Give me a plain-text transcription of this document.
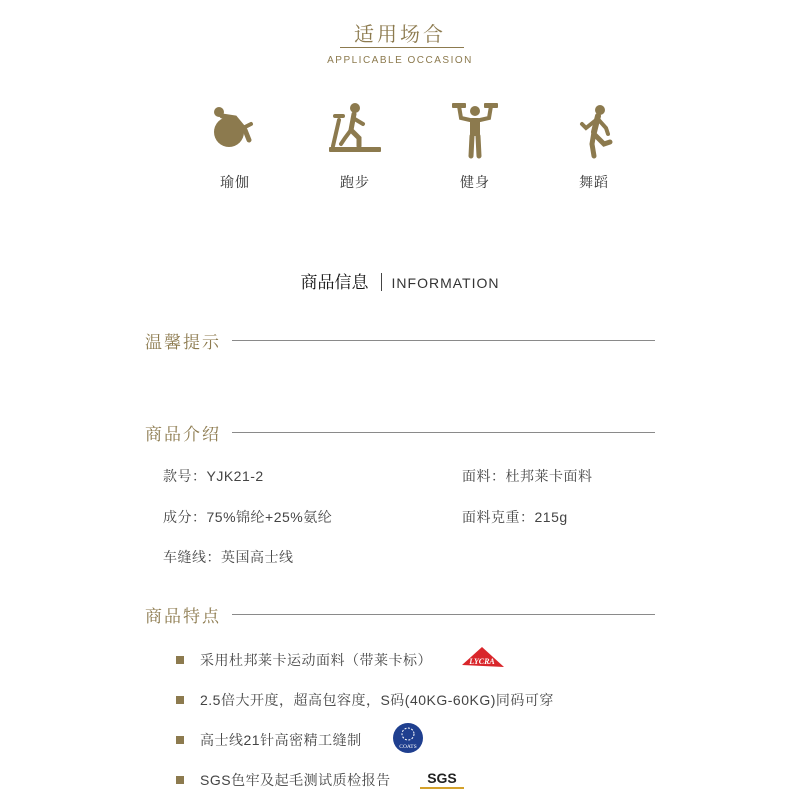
适用场合
APPLICABLE OCCASION
瑜伽	跑步	健身	舞蹈
商品信息 INFORMATION
温馨提示
商品介绍
款号：YJK21-2	面料：杜邦莱卡面料
成分：75%锦纶+25%氨纶	面料克重：215g
车缝线：英国高士线
商品特点
采用杜邦莱卡运动面料（带莱卡标）	LYCRA
2.5倍大开度，超高包容度，S码(40KG-60KG)同码可穿
高士线21针高密精工缝制	COATS
SGS色牢及起毛测试质检报告	SGS
